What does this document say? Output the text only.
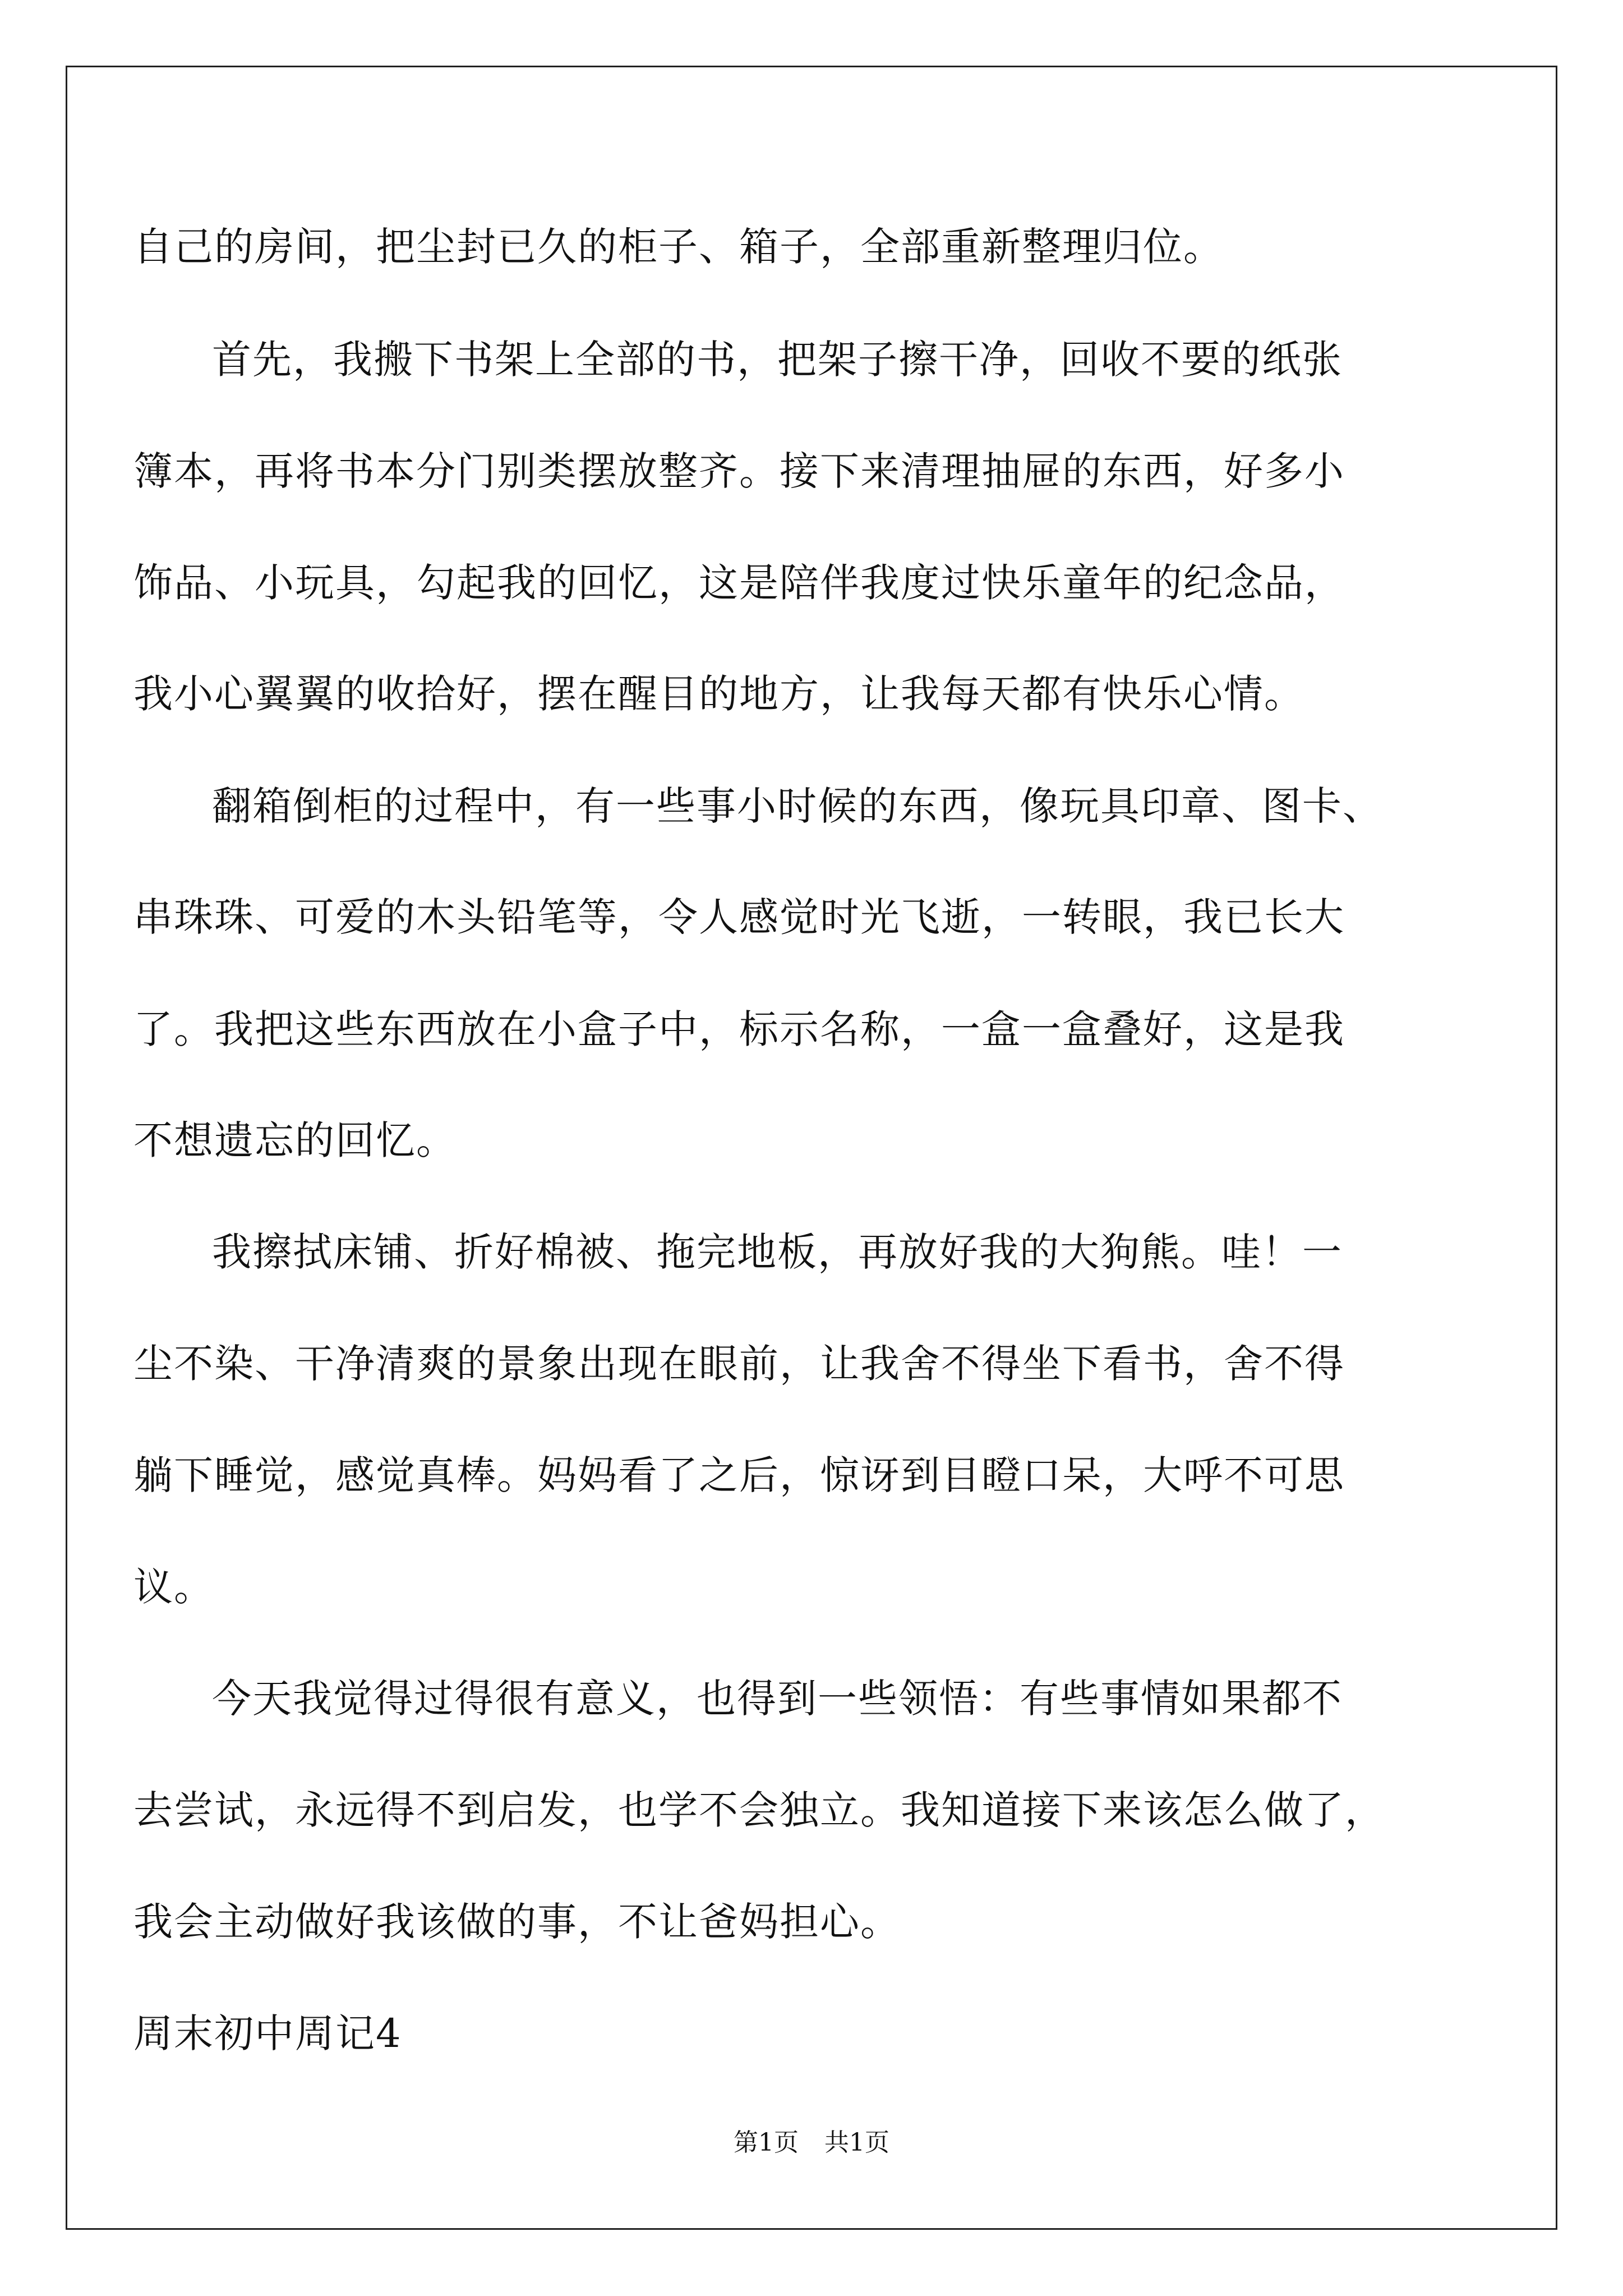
自己的房间，把尘封已久的柜子、箱子，全部重新整理归位。
首先，我搬下书架上全部的书，把架子擦干净，回收不要的纸张
簿本，再将书本分门别类摆放整齐。接下来清理抽屉的东西，好多小
饰品、小玩具，勾起我的回忆，这是陪伴我度过快乐童年的纪念品，
我小心翼翼的收拾好，摆在醒目的地方，让我每天都有快乐心情。
翻箱倒柜的过程中，有一些事小时候的东西，像玩具印章、图卡、
串珠珠、可爱的木头铅笔等，令人感觉时光飞逝，一转眼，我已长大
了。我把这些东西放在小盒子中，标示名称，一盒一盒叠好，这是我
不想遗忘的回忆。
我擦拭床铺、折好棉被、拖完地板，再放好我的大狗熊。哇！一
尘不染、干净清爽的景象出现在眼前，让我舍不得坐下看书，舍不得
躺下睡觉，感觉真棒。妈妈看了之后，惊讶到目瞪口呆，大呼不可思
议。
今天我觉得过得很有意义，也得到一些领悟：有些事情如果都不
去尝试，永远得不到启发，也学不会独立。我知道接下来该怎么做了，
我会主动做好我该做的事，不让爸妈担心。
周末初中周记4
第1页 共1页
